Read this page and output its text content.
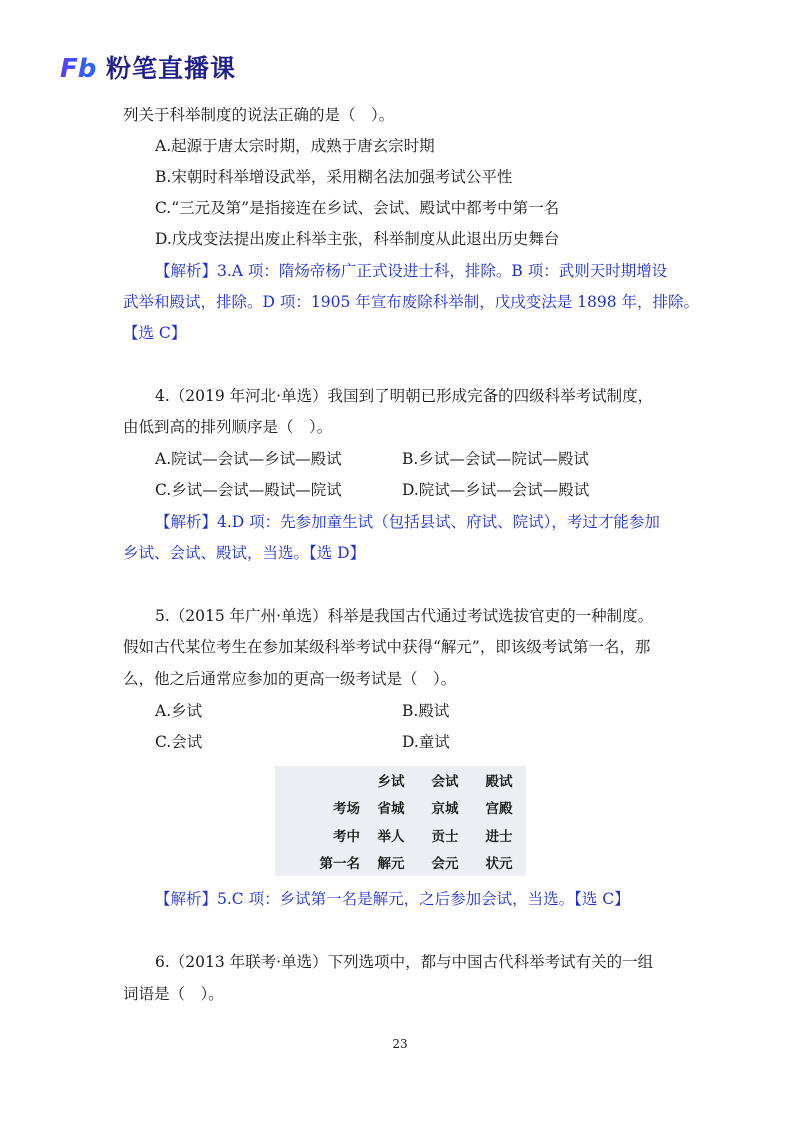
Fb 粉笔直播课
列关于科举制度的说法正确的是（　）。
A.起源于唐太宗时期，成熟于唐玄宗时期
B.宋朝时科举增设武举，采用糊名法加强考试公平性
C.“三元及第”是指接连在乡试、会试、殿试中都考中第一名
D.戊戌变法提出废止科举主张，科举制度从此退出历史舞台
【解析】3.A 项：隋炀帝杨广正式设进士科，排除。B 项：武则天时期增设
武举和殿试，排除。D 项：1905 年宣布废除科举制，戊戌变法是 1898 年，排除。
【选 C】
4.（2019 年河北·单选）我国到了明朝已形成完备的四级科举考试制度，
由低到高的排列顺序是（　）。
A.院试—会试—乡试—殿试	B.乡试—会试—院试—殿试
C.乡试—会试—殿试—院试	D.院试—乡试—会试—殿试
【解析】4.D 项：先参加童生试（包括县试、府试、院试），考过才能参加
乡试、会试、殿试，当选。【选 D】
5.（2015 年广州·单选）科举是我国古代通过考试选拔官吏的一种制度。
假如古代某位考生在参加某级科举考试中获得“解元”，即该级考试第一名，那
么，他之后通常应参加的更高一级考试是（　）。
A.乡试	B.殿试
C.会试	D.童试
	乡试	会试	殿试
考场	省城	京城	宫殿
考中	举人	贡士	进士
第一名	解元	会元	状元
【解析】5.C 项：乡试第一名是解元，之后参加会试，当选。【选 C】
6.（2013 年联考·单选）下列选项中，都与中国古代科举考试有关的一组
词语是（　）。
23
